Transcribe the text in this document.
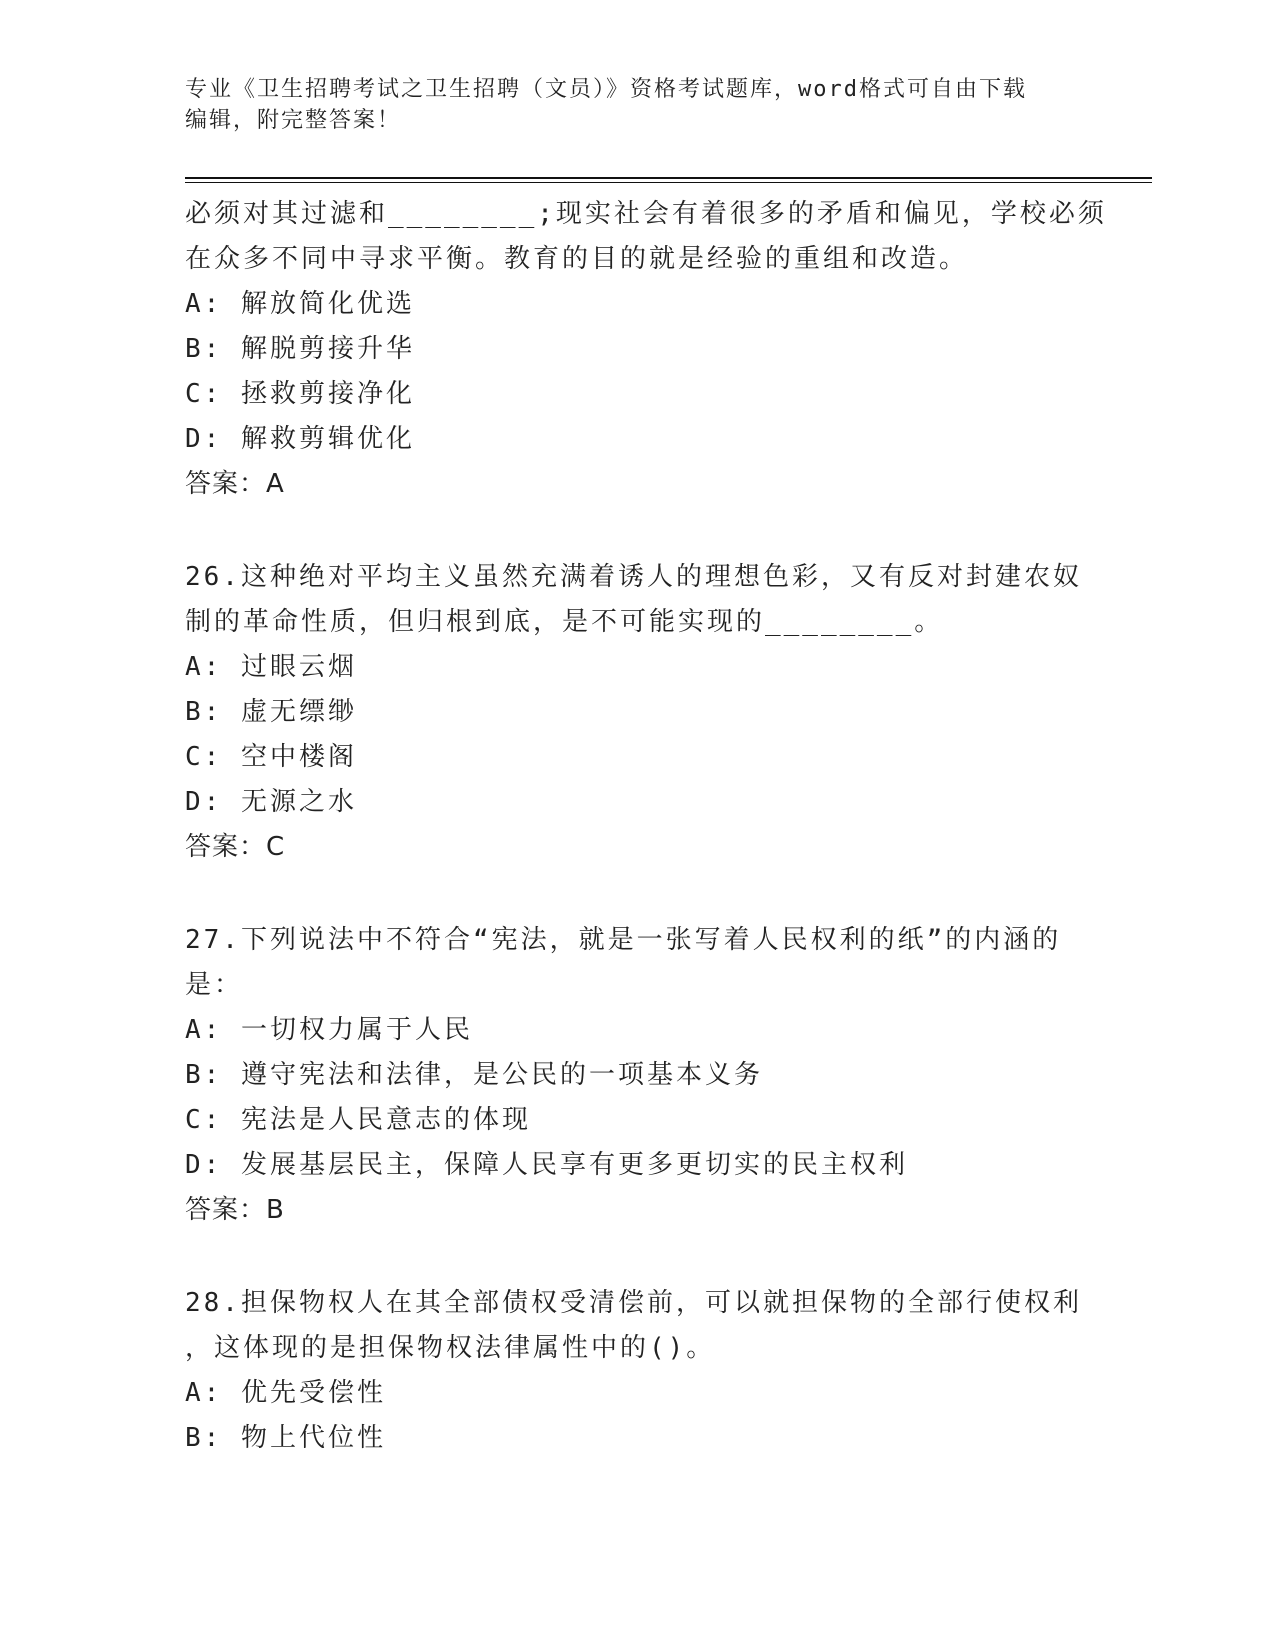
专业《卫生招聘考试之卫生招聘（文员）》资格考试题库，word格式可自由下载
编辑，附完整答案！
必须对其过滤和________;现实社会有着很多的矛盾和偏见，学校必须
在众多不同中寻求平衡。教育的目的就是经验的重组和改造。
A: 解放简化优选
B: 解脱剪接升华
C: 拯救剪接净化
D: 解救剪辑优化
答案：A
26.这种绝对平均主义虽然充满着诱人的理想色彩，又有反对封建农奴
制的革命性质，但归根到底，是不可能实现的________。
A: 过眼云烟
B: 虚无缥缈
C: 空中楼阁
D: 无源之水
答案：C
27.下列说法中不符合“宪法，就是一张写着人民权利的纸”的内涵的
是：
A: 一切权力属于人民
B: 遵守宪法和法律，是公民的一项基本义务
C: 宪法是人民意志的体现
D: 发展基层民主，保障人民享有更多更切实的民主权利
答案：B
28.担保物权人在其全部债权受清偿前，可以就担保物的全部行使权利
，这体现的是担保物权法律属性中的()。
A: 优先受偿性
B: 物上代位性
